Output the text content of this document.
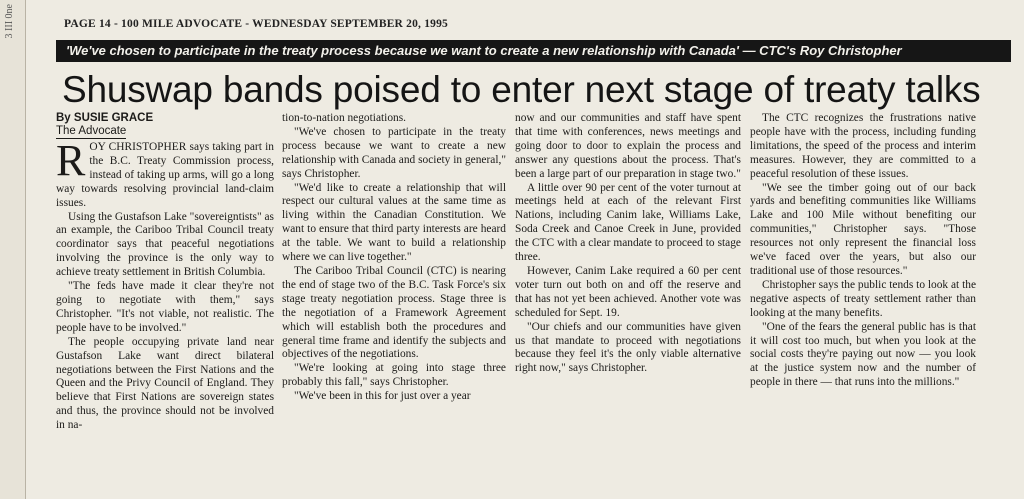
3 III 0ne	PAGE 14 - 100 MILE ADVOCATE - WEDNESDAY SEPTEMBER 20, 1995
'We've chosen to participate in the treaty process because we want to create a new relationship with Canada' — CTC's Roy Christopher
Shuswap bands poised to enter next stage of treaty talks
By SUSIE GRACE
The Advocate

ROY CHRISTOPHER says taking part in the B.C. Treaty Commission process, instead of taking up arms, will go a long way towards resolving provincial land-claim issues.

Using the Gustafson Lake "sovereigntists" as an example, the Cariboo Tribal Council treaty coordinator says that peaceful negotiations involving the province is the only way to achieve treaty settlement in British Columbia.

"The feds have made it clear they're not going to negotiate with them," says Christopher. "It's not viable, not realistic. The people have to be involved."

The people occupying private land near Gustafson Lake want direct bilateral negotiations between the First Nations and the Queen and the Privy Council of England. They believe that First Nations are sovereign states and thus, the province should not be involved in na-

tion-to-nation negotiations.

"We've chosen to participate in the treaty process because we want to create a new relationship with Canada and society in general," says Christopher.

"We'd like to create a relationship that will respect our cultural values at the same time as living within the Canadian Constitution. We want to ensure that third party interests are heard at the table. We want to build a relationship where we can live together."

The Cariboo Tribal Council (CTC) is nearing the end of stage two of the B.C. Task Force's six stage treaty negotiation process. Stage three is the negotiation of a Framework Agreement which will establish both the procedures and general time frame and identify the subjects and objectives of the negotiations.

"We're looking at going into stage three probably this fall," says Christopher.

"We've been in this for just over a year

now and our communities and staff have spent that time with conferences, news meetings and going door to door to explain the process and answer any questions about the process. That's been a large part of our preparation in stage two."

A little over 90 per cent of the voter turnout at meetings held at each of the relevant First Nations, including Canim lake, Williams Lake, Soda Creek and Canoe Creek in June, provided the CTC with a clear mandate to proceed to stage three.

However, Canim Lake required a 60 per cent voter turn out both on and off the reserve and that has not yet been achieved. Another vote was scheduled for Sept. 19.

"Our chiefs and our communities have given us that mandate to proceed with negotiations because they feel it's the only viable alternative right now," says Christopher.

The CTC recognizes the frustrations native people have with the process, including funding limitations, the speed of the process and interim measures. However, they are committed to a peaceful resolution of these issues.

"We see the timber going out of our back yards and benefiting communities like Williams Lake and 100 Mile without benefiting our communities," Christopher says. "Those resources not only represent the financial loss we've faced over the years, but also our traditional use of those resources."

Christopher says the public tends to look at the negative aspects of treaty settlement rather than looking at the many benefits.

"One of the fears the general public has is that it will cost too much, but when you look at the social costs they're paying out now — you look at the justice system now and the number of people in there — that runs into the millions."
